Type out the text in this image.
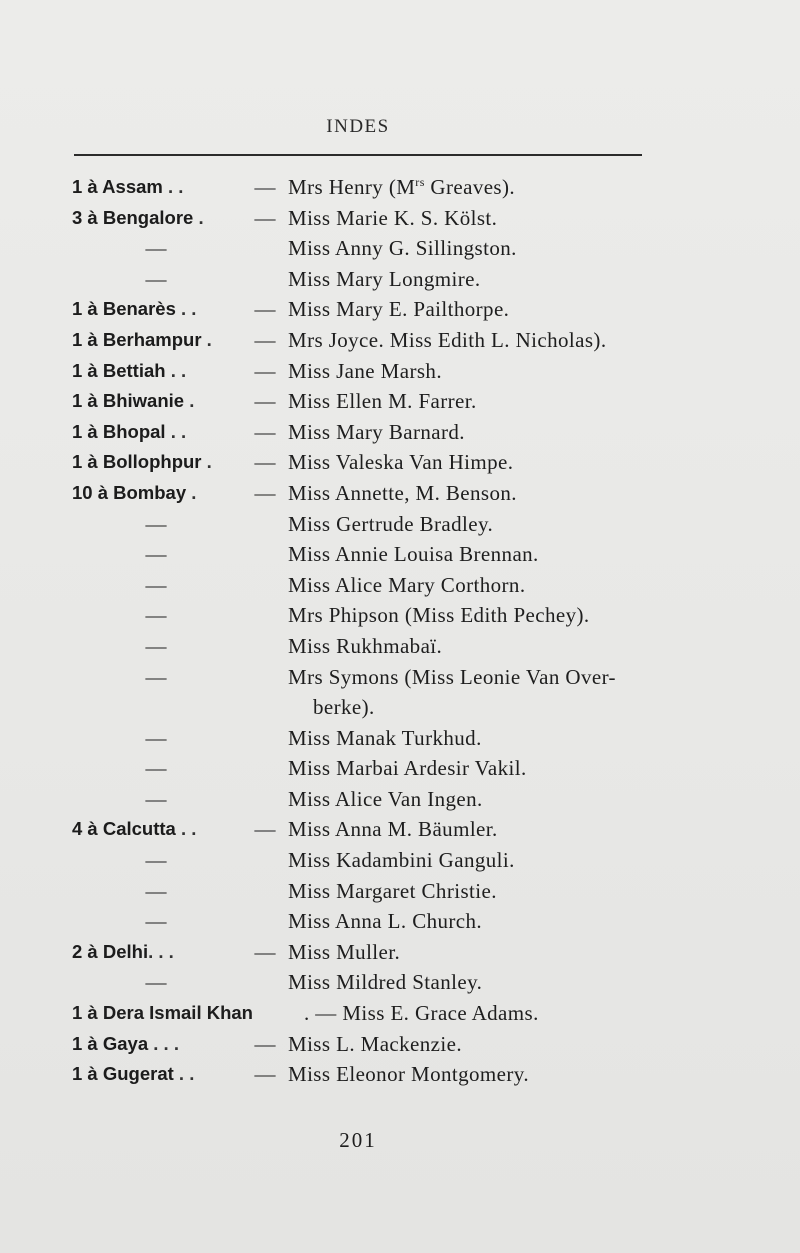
INDES
1 à Assam . .	— Mrs Henry ($M^{rs}$ Greaves).
3 à Bengalore . — Miss Marie K. S. Kölst.
—	Miss Anny G. Sillingston.
—	Miss Mary Longmire.
1 à Benarès . .	— Miss Mary E. Pailthorpe.
1 à Berhampur . — Mrs Joyce. Miss Edith L. Nicholas).
1 à Bettiah . .	— Miss Jane Marsh.
1 à Bhiwanie .	— Miss Ellen M. Farrer.
1 à Bhopal . .	— Miss Mary Barnard.
1 à Bollophpur . — Miss Valeska Van Himpe.
10 à Bombay .	— Miss Annette, M. Benson.
—	Miss Gertrude Bradley.
—	Miss Annie Louisa Brennan.
—	Miss Alice Mary Corthorn.
—	Mrs Phipson (Miss Edith Pechey).
—	Miss Rukhmabaï.
—	Mrs Symons (Miss Leonie Van Over-
berke).
—	Miss Manak Turkhud.
—	Miss Marbai Ardesir Vakil.
—	Miss Alice Van Ingen.
4 à Calcutta . .	— Miss Anna M. Bäumler.
—	Miss Kadambini Ganguli.
—	Miss Margaret Christie.
—	Miss Anna L. Church.
2 à Delhi. . .	— Miss Muller.
—	Miss Mildred Stanley.
1 à Dera Ismail Khan . — Miss E. Grace Adams.
1 à Gaya . . .	— Miss L. Mackenzie.
1 à Gugerat . .	— Miss Eleonor Montgomery.
201
